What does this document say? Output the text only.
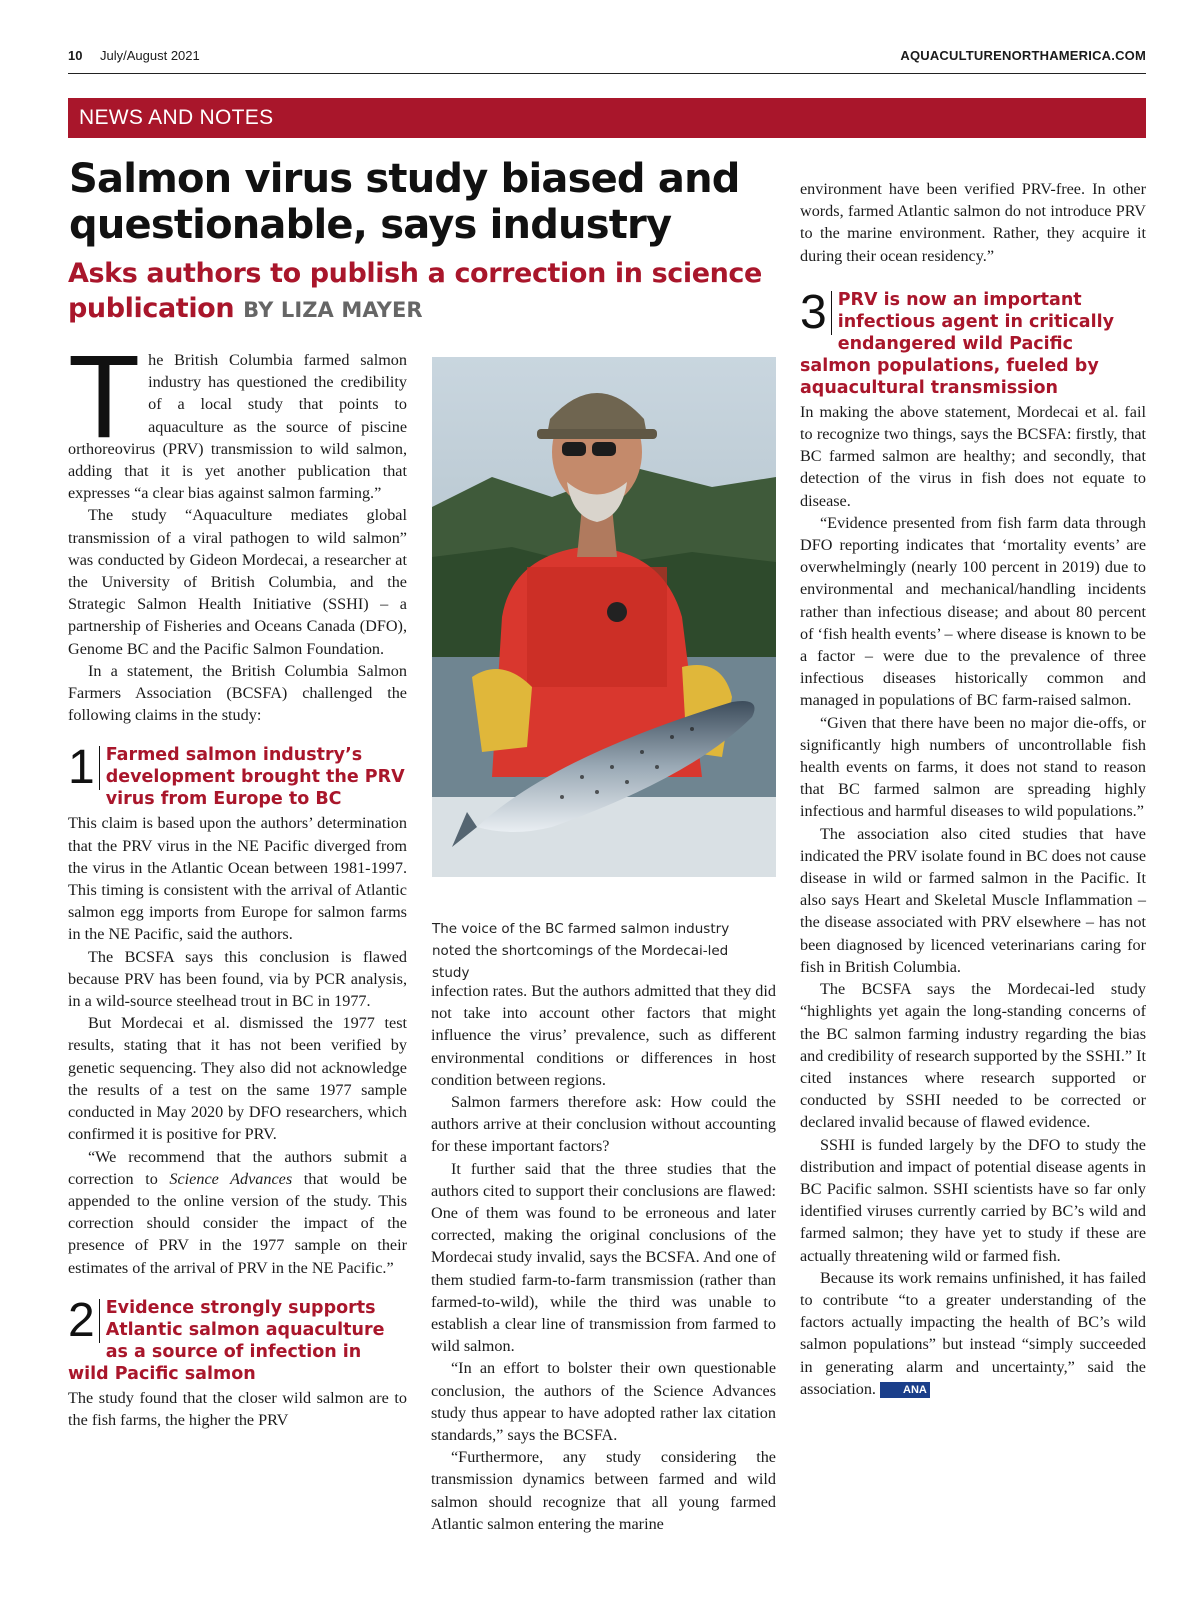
10 July/August 2021	AQUACULTURENORTHAMERICA.COM
NEWS AND NOTES
Salmon virus study biased and questionable, says industry
Asks authors to publish a correction in science publication BY LIZA MAYER

The British Columbia farmed salmon industry has questioned the credibility of a local study that points to aquaculture as the source of piscine orthoreovirus (PRV) transmission to wild salmon, adding that it is yet another publication that expresses “a clear bias against salmon farming.”

The study “Aquaculture mediates global transmission of a viral pathogen to wild salmon” was conducted by Gideon Mordecai, a researcher at the University of British Columbia, and the Strategic Salmon Health Initiative (SSHI) – a partnership of Fisheries and Oceans Canada (DFO), Genome BC and the Pacific Salmon Foundation.

In a statement, the British Columbia Salmon Farmers Association (BCSFA) challenged the following claims in the study:

1 Farmed salmon industry’s development brought the PRV virus from Europe to BC

This claim is based upon the authors’ determination that the PRV virus in the NE Pacific diverged from the virus in the Atlantic Ocean between 1981-1997. This timing is consistent with the arrival of Atlantic salmon egg imports from Europe for salmon farms in the NE Pacific, said the authors.

The BCSFA says this conclusion is flawed because PRV has been found, via by PCR analysis, in a wild-source steelhead trout in BC in 1977.

But Mordecai et al. dismissed the 1977 test results, stating that it has not been verified by genetic sequencing. They also did not acknowledge the results of a test on the same 1977 sample conducted in May 2020 by DFO researchers, which confirmed it is positive for PRV.

“We recommend that the authors submit a correction to Science Advances that would be appended to the online version of the study. This correction should consider the impact of the presence of PRV in the 1977 sample on their estimates of the arrival of PRV in the NE Pacific.”

2 Evidence strongly supports Atlantic salmon aquaculture as a source of infection in wild Pacific salmon

The study found that the closer wild salmon are to the fish farms, the higher the PRV

The voice of the BC farmed salmon industry noted the shortcomings of the Mordecai-led study

infection rates. But the authors admitted that they did not take into account other factors that might influence the virus’ prevalence, such as different environmental conditions or differences in host condition between regions.

Salmon farmers therefore ask: How could the authors arrive at their conclusion without accounting for these important factors?

It further said that the three studies that the authors cited to support their conclusions are flawed: One of them was found to be erroneous and later corrected, making the original conclusions of the Mordecai study invalid, says the BCSFA. And one of them studied farm-to-farm transmission (rather than farmed-to-wild), while the third was unable to establish a clear line of transmission from farmed to wild salmon.

“In an effort to bolster their own questionable conclusion, the authors of the Science Advances study thus appear to have adopted rather lax citation standards,” says the BCSFA.

“Furthermore, any study considering the transmission dynamics between farmed and wild salmon should recognize that all young farmed Atlantic salmon entering the marine

environment have been verified PRV-free. In other words, farmed Atlantic salmon do not introduce PRV to the marine environment. Rather, they acquire it during their ocean residency.”

3 PRV is now an important infectious agent in critically endangered wild Pacific salmon populations, fueled by aquacultural transmission

In making the above statement, Mordecai et al. fail to recognize two things, says the BCSFA: firstly, that BC farmed salmon are healthy; and secondly, that detection of the virus in fish does not equate to disease.

“Evidence presented from fish farm data through DFO reporting indicates that ‘mortality events’ are overwhelmingly (nearly 100 percent in 2019) due to environmental and mechanical/handling incidents rather than infectious disease; and about 80 percent of ‘fish health events’ – where disease is known to be a factor – were due to the prevalence of three infectious diseases historically common and managed in populations of BC farm-raised salmon.

“Given that there have been no major die-offs, or significantly high numbers of uncontrollable fish health events on farms, it does not stand to reason that BC farmed salmon are spreading highly infectious and harmful diseases to wild populations.”

The association also cited studies that have indicated the PRV isolate found in BC does not cause disease in wild or farmed salmon in the Pacific. It also says Heart and Skeletal Muscle Inflammation – the disease associated with PRV elsewhere – has not been diagnosed by licenced veterinarians caring for fish in British Columbia.

The BCSFA says the Mordecai-led study “highlights yet again the long-standing concerns of the BC salmon farming industry regarding the bias and credibility of research supported by the SSHI.” It cited instances where research supported or conducted by SSHI needed to be corrected or declared invalid because of flawed evidence.

SSHI is funded largely by the DFO to study the distribution and impact of potential disease agents in BC Pacific salmon. SSHI scientists have so far only identified viruses currently carried by BC’s wild and farmed salmon; they have yet to study if these are actually threatening wild or farmed fish.

Because its work remains unfinished, it has failed to contribute “to a greater understanding of the factors actually impacting the health of BC’s wild salmon populations” but instead “simply succeeded in generating alarm and uncertainty,” said the association. ANA
